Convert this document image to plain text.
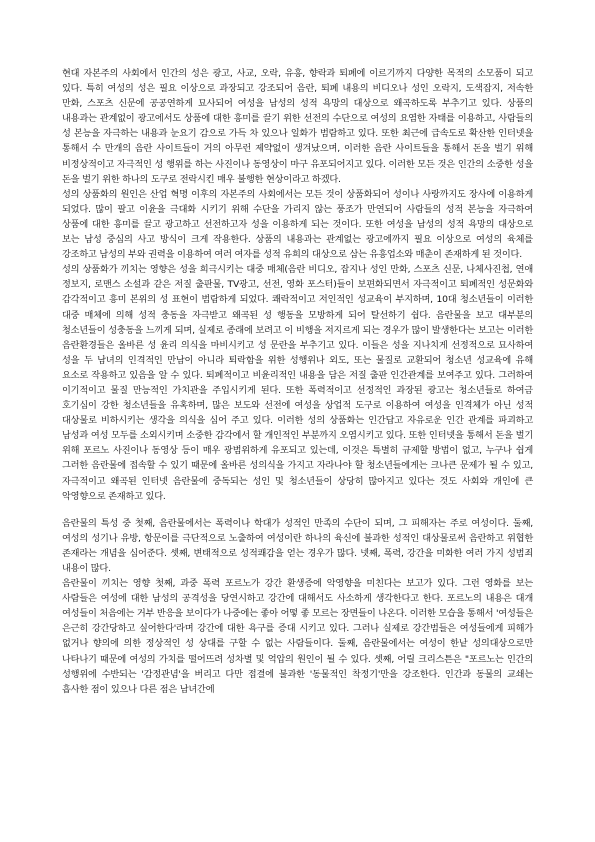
현대 자본주의 사회에서 인간의 성은 광고, 사교, 오락, 유흥, 향락과 퇴폐에 이르기까지 다양한 목적의 소모품이 되고 있다. 특히 여성의 성은 필요 이상으로 과장되고 강조되어 음란, 퇴폐 내용의 비디오나 성인 오락지, 도색잡지, 저속한 만화, 스포츠 신문에 공공연하게 묘사되어 여성을 남성의 성적 욕망의 대상으로 왜곡하도록 부추기고 있다. 상품의 내용과는 관계없이 광고에서도 상품에 대한 흥미를 끌기 위한 선전의 수단으로 여성의 요염한 자태를 이용하고, 사람들의 성 본능을 자극하는 내용과 눈요기 감으로 가득 차 있으나 일화가 범람하고 있다. 또한 최근에 급속도로 확산한 인터넷을 통해서 수 만개의 음란 사이트들이 거의 아무런 제약없이 생겨났으며, 이러한 음란 사이트들을 통해서 돈을 벌기 위해 비정상적이고 자극적인 성 행위를 하는 사진이나 동영상이 마구 유포되어지고 있다. 이러한 모든 것은 인간의 소중한 성을 돈을 벌기 위한 하나의 도구로 전락시킨 매우 불행한 현상이라고 하겠다.

성의 상품화의 원인은 산업 혁명 이후의 자본주의 사회에서는 모든 것이 상품화되어 성이나 사랑까지도 장사에 이용하게 되었다. 많이 팔고 이윤을 극대화 시키기 위해 수단을 가리지 않는 풍조가 만연되어 사람들의 성적 본능을 자극하여 상품에 대한 흥미를 끌고 광고하고 선전하고자 성을 이용하게 되는 것이다. 또한 여성을 남성의 성적 욕망의 대상으로 보는 남성 중심의 사고 방식이 크게 작용한다. 상품의 내용과는 관계없는 광고에까지 필요 이상으로 여성의 육체를 강조하고 남성의 부와 권력을 이용하여 여러 여자를 성적 유희의 대상으로 삼는 유흥업소와 매춘이 존재하게 된 것이다.

성의 상품화가 끼치는 영향은 성을 희극시키는 대중 매체(음란 비디오, 잡지나 성인 만화, 스포츠 신문, 나체사진첩, 연애 정보지, 로맨스 소설과 같은 저질 출판물, TV광고, 선전, 영화 포스터)들이 보편화되면서 자극적이고 퇴폐적인 성문화와 감각적이고 흥미 본위의 성 표현이 범람하게 되었다. 쾌락적이고 저인적인 성교육이 부지하며, 10대 청소년들이 이러한 대중 매체에 의해 성적 충동을 자극받고 왜곡된 성 행동을 모방하게 되어 탈선하기 쉽다. 음란물을 보고 대부분의 청소년들이 성충동을 느끼게 되며, 실제로 종래에 보려고 이 비행을 저지르게 되는 경우가 많이 발생한다는 보고는 이러한 음란환경들은 올바른 성 윤리 의식을 마비시키고 성 문란을 부추기고 있다. 이들은 성을 지나치게 선정적으로 묘사하여 성을 두 남녀의 인격적인 만남이 아니라 퇴락함을 위한 성행위나 외도, 또는 물질로 교환되어 청소년 성교육에 유해 요소로 작용하고 있음을 알 수 있다. 퇴폐적이고 비윤리적인 내용을 담은 저질 출판 인간관계를 보여주고 있다. 그러하여 이기적이고 물질 만능적인 가치관을 주입시키게 된다. 또한 폭력적이고 선정적인 과장된 광고는 청소년들로 하여금 호기심이 강한 청소년들을 유혹하며, 많은 보도와 선전에 여성을 상업적 도구로 이용하여 여성을 인격체가 아닌 성적 대상물로 비하시키는 생각을 의식을 심어 주고 있다. 이러한 성의 상품화는 인간답고 자유로운 인간 관계를 파괴하고 남성과 여성 모두를 소외시키며 소중한 감각에서 할 개인적인 부분까지 오염시키고 있다. 또한 인터넷을 통해서 돈을 벌기 위해 포르노 사진이나 동영상 등이 매우 광범위하게 유포되고 있는데, 이것은 특별히 규제할 방법이 없고, 누구나 쉽게 그러한 음란물에 접속할 수 있기 때문에 올바른 성의식을 가지고 자라나야 할 청소년들에게는 크나큰 문제가 될 수 있고, 자극적이고 왜곡된 인터넷 음란물에 중독되는 성인 및 청소년들이 상당히 많아지고 있다는 것도 사회와 개인에 큰 악영향으로 존재하고 있다.

음란물의 특성 중 첫째, 음란물에서는 폭력이나 학대가 성적인 만족의 수단이 되며, 그 피해자는 주로 여성이다. 둘째, 여성의 성기나 유방, 항문이를 극단적으로 노출하여 여성이란 하나의 육신에 불과한 성적인 대상물로써 음란하고 위협한 존재라는 개념을 심어준다. 셋째, 변태적으로 성적쾌감을 얻는 경우가 많다. 넷째, 폭력, 강간을 미화한 여러 가지 성범죄 내용이 많다.

음란물이 끼치는 영향 첫째, 과중 폭력 포르노가 강간 환생증에 악영향을 미친다는 보고가 있다. 그런 영화를 보는 사람들은 여성에 대한 남성의 공격성을 당연시하고 강간에 대해서도 사소하게 생각한다고 한다. 포르노의 내용은 대개 여성들이 처음에는 거부 반응을 보이다가 나중에는 좋아 어떻 좋 모르는 장면들이 나온다. 이러한 모습을 통해서 '여성들은 은근히 강간당하고 싶어한다'라며 강간에 대한 욕구를 증대 시키고 있다. 그러나 실제로 강간범들은 여성들에게 피해가 없거나 향의에 의한 정상적인 성 상대를 구할 수 없는 사람들이다. 둘째, 음란물에서는 여성이 한낱 성의대상으로만 나타나기 때문에 여성의 가치를 떨어뜨려 성차별 및 억압의 원인이 될 수 있다. 셋째, 어릴 크리스튼은 "포르노는 인간의 성행위에 수반되는 '감정관념'을 버리고 다만 접결에 불과한 '동물적인 착정기'만을 강조한다. 인간과 동물의 교쇄는 흡사한 점이 있으나 다른 점은 남녀간에
